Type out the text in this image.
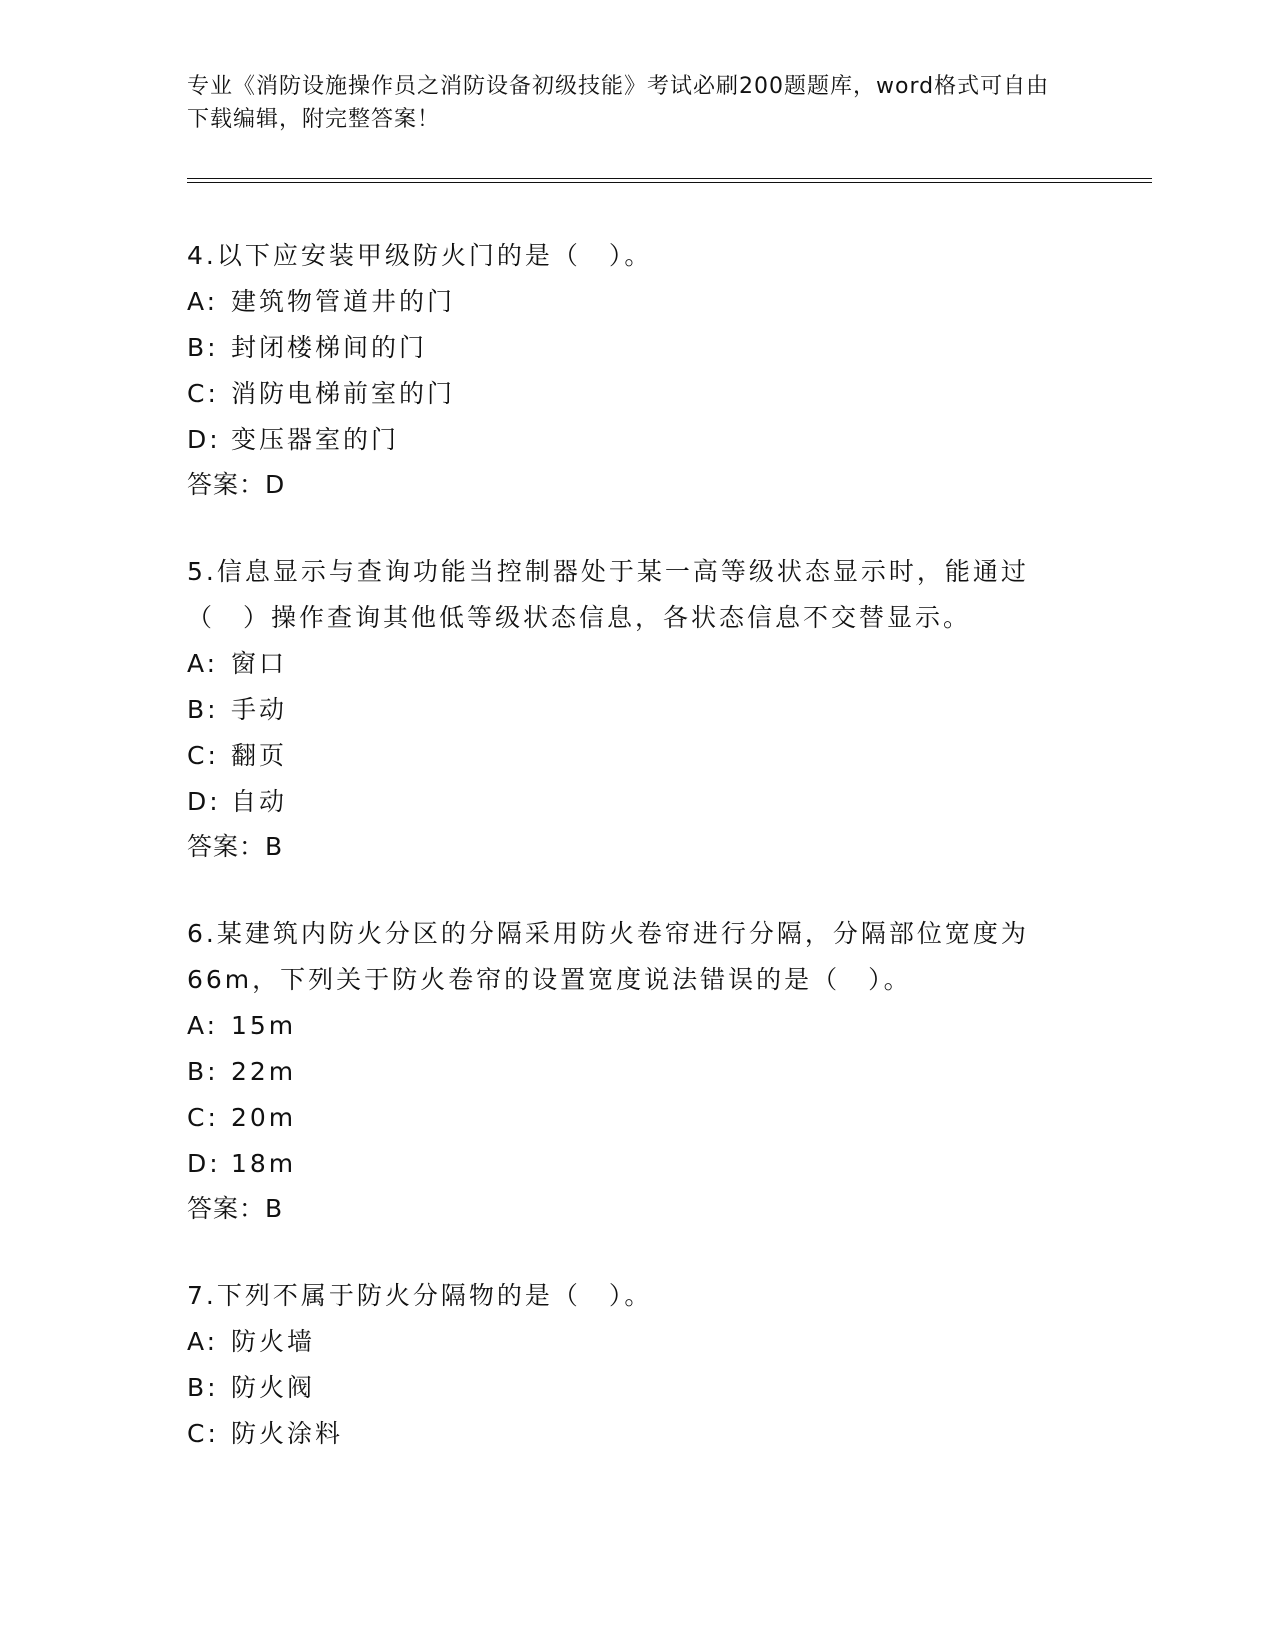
专业《消防设施操作员之消防设备初级技能》考试必刷200题题库，word格式可自由下载编辑，附完整答案！
4.以下应安装甲级防火门的是（　）。
A: 建筑物管道井的门
B: 封闭楼梯间的门
C: 消防电梯前室的门
D: 变压器室的门
答案：D
5.信息显示与查询功能当控制器处于某一高等级状态显示时，能通过（　）操作查询其他低等级状态信息，各状态信息不交替显示。
A: 窗口
B: 手动
C: 翻页
D: 自动
答案：B
6.某建筑内防火分区的分隔采用防火卷帘进行分隔，分隔部位宽度为66m，下列关于防火卷帘的设置宽度说法错误的是（　）。
A: 15m
B: 22m
C: 20m
D: 18m
答案：B
7.下列不属于防火分隔物的是（　）。
A: 防火墙
B: 防火阀
C: 防火涂料
